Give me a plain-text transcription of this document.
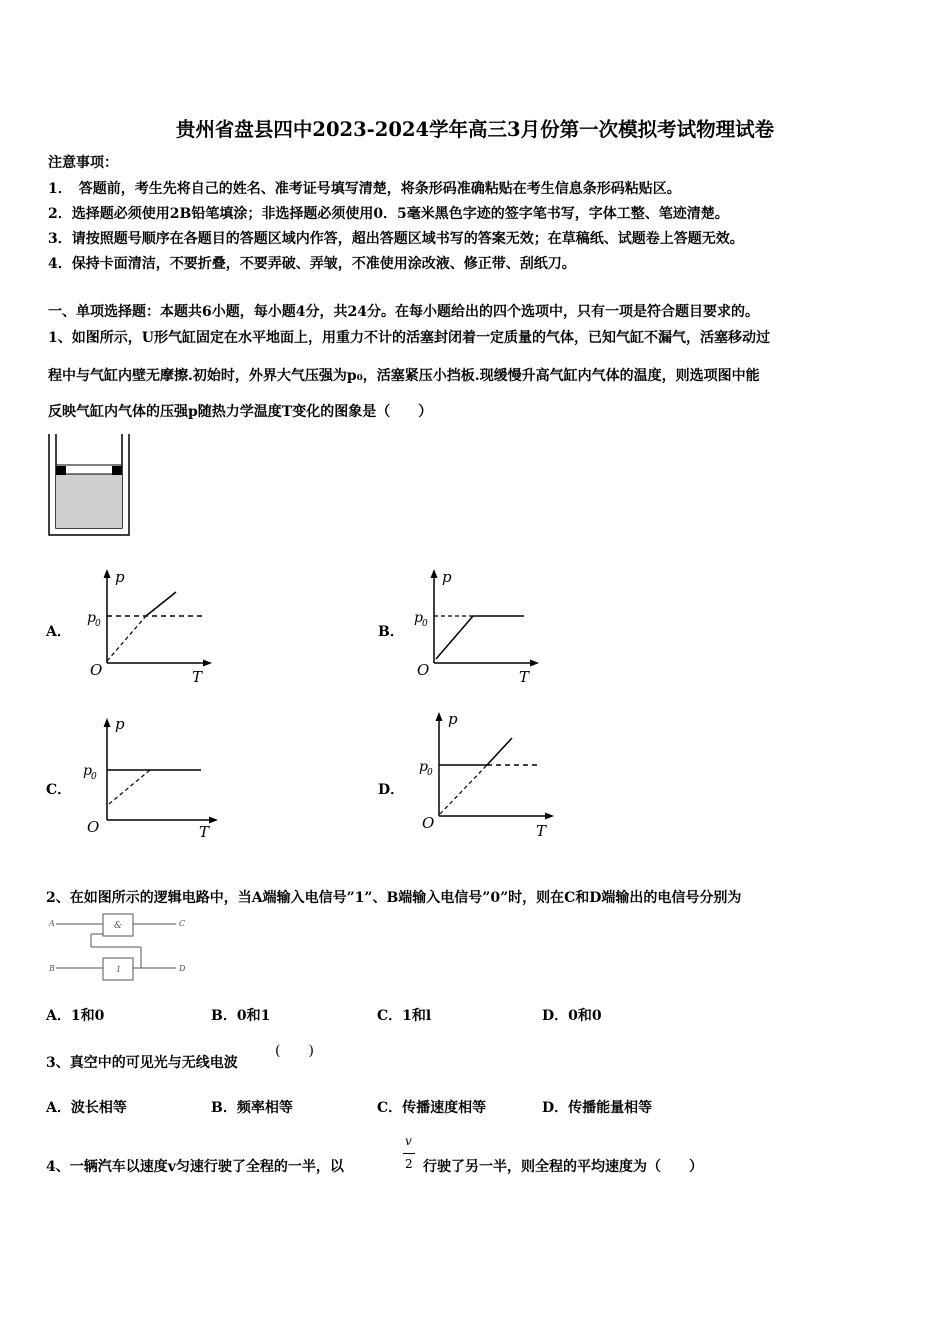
贵州省盘县四中2023-2024学年高三3月份第一次模拟考试物理试卷
注意事项：
1．　答题前，考生先将自己的姓名、准考证号填写清楚，将条形码准确粘贴在考生信息条形码粘贴区。
2．选择题必须使用2B铅笔填涂；非选择题必须使用0．5毫米黑色字迹的签字笔书写，字体工整、笔迹清楚。
3．请按照题号顺序在各题目的答题区域内作答，超出答题区域书写的答案无效；在草稿纸、试题卷上答题无效。
4．保持卡面清洁，不要折叠，不要弄破、弄皱，不准使用涂改液、修正带、刮纸刀。
一、单项选择题：本题共6小题，每小题4分，共24分。在每小题给出的四个选项中，只有一项是符合题目要求的。
1、如图所示，U形气缸固定在水平地面上，用重力不计的活塞封闭着一定质量的气体，已知气缸不漏气，活塞移动过
程中与气缸内壁无摩擦.初始时，外界大气压强为p₀，活塞紧压小挡板.现缓慢升高气缸内气体的温度，则选项图中能
反映气缸内气体的压强p随热力学温度T变化的图象是（　　）
A．
p
p 0
O	T
B．
p
p 0
O	T
C．
p
p 0
O	T
D．
p
p 0
O	T
2、在如图所示的逻辑电路中，当A端输入电信号”1”、B端输入电信号”0”时，则在C和D端输出的电信号分别为
A
B
C
D
&
1
A．1和0	B．0和1	C．1和l	D．0和0
3、真空中的可见光与无线电波
(　　)
A．波长相等	B．频率相等	C．传播速度相等	D．传播能量相等
4、一辆汽车以速度v匀速行驶了全程的一半，以
v
2 行驶了另一半，则全程的平均速度为（　　）
